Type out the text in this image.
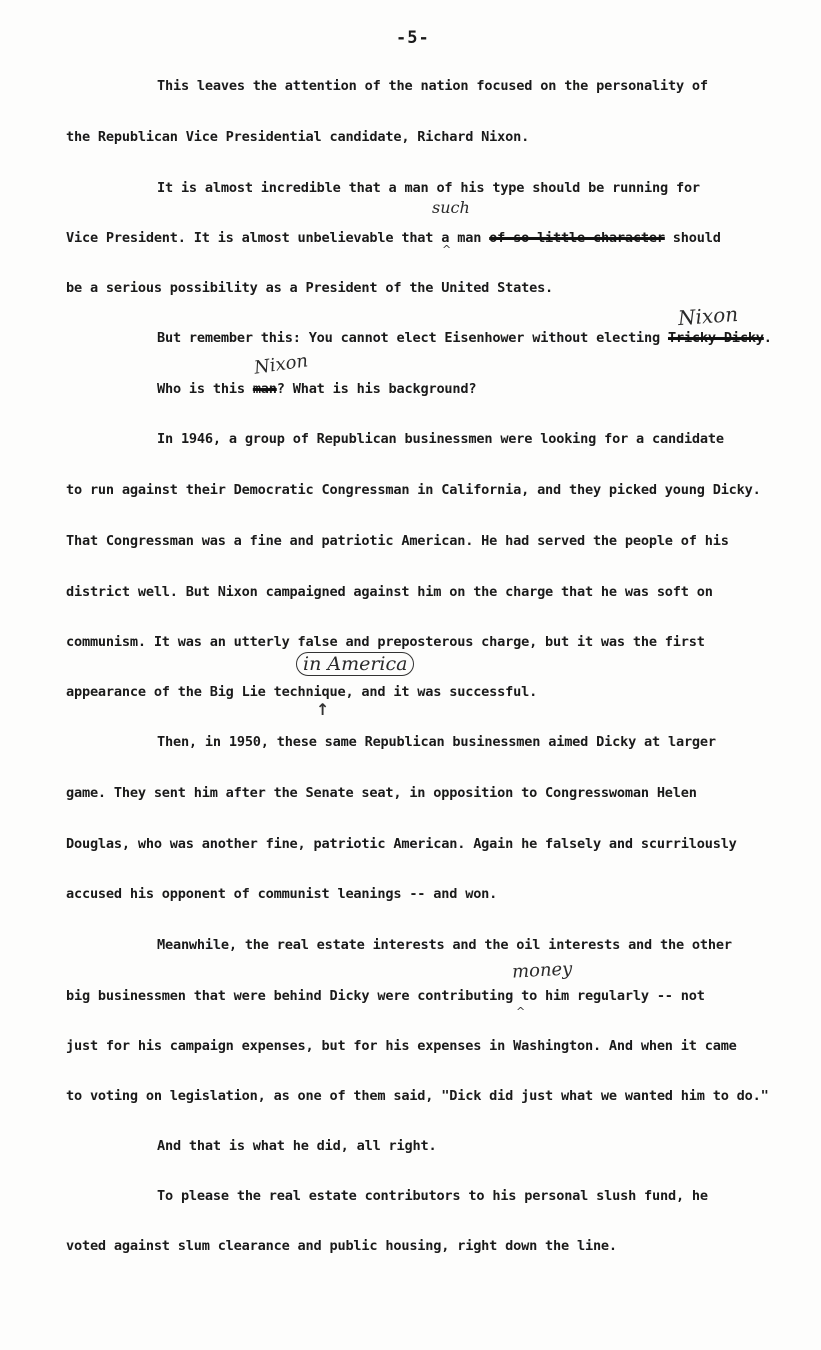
-5-
This leaves the attention of the nation focused on the personality of
the Republican Vice Presidential candidate, Richard Nixon.
It is almost incredible that a man of his type should be running for
Vice President. It is almost unbelievable that a man of so little character should
such
^
be a serious possibility as a President of the United States.
But remember this: You cannot elect Eisenhower without electing Tricky Dicky.
Nixon
Who is this man? What is his background?
Nixon
In 1946, a group of Republican businessmen were looking for a candidate
to run against their Democratic Congressman in California, and they picked young Dicky.
That Congressman was a fine and patriotic American. He had served the people of his
district well. But Nixon campaigned against him on the charge that he was soft on
communism. It was an utterly false and preposterous charge, but it was the first
appearance of the Big Lie technique, and it was successful.
in America
↑
Then, in 1950, these same Republican businessmen aimed Dicky at larger
game. They sent him after the Senate seat, in opposition to Congresswoman Helen
Douglas, who was another fine, patriotic American. Again he falsely and scurrilously
accused his opponent of communist leanings -- and won.
Meanwhile, the real estate interests and the oil interests and the other
big businessmen that were behind Dicky were contributing to him regularly -- not
money
^
just for his campaign expenses, but for his expenses in Washington. And when it came
to voting on legislation, as one of them said, "Dick did just what we wanted him to do."
And that is what he did, all right.
To please the real estate contributors to his personal slush fund, he
voted against slum clearance and public housing, right down the line.
